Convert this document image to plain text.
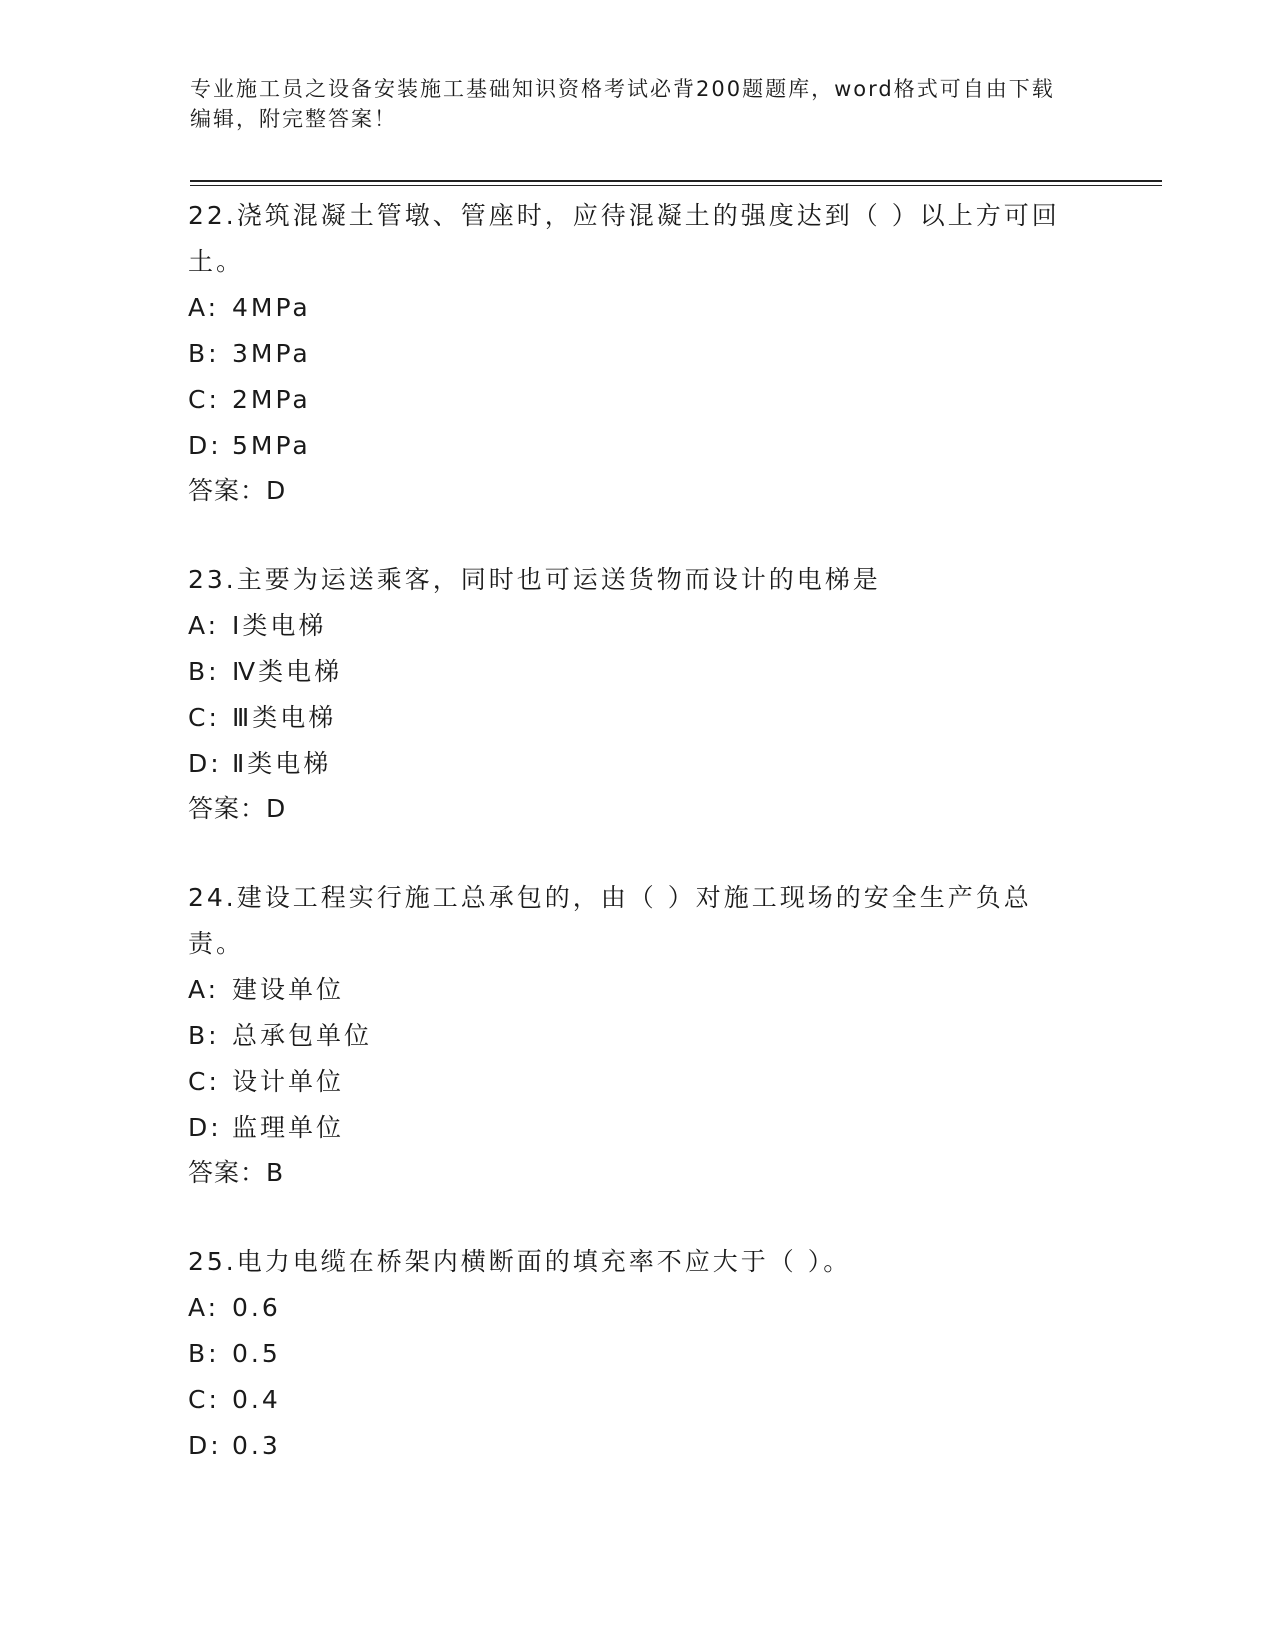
专业施工员之设备安装施工基础知识资格考试必背200题题库，word格式可自由下载编辑，附完整答案！

22.浇筑混凝土管墩、管座时，应待混凝土的强度达到（ ）以上方可回土。

A: 4MPa

B: 3MPa

C: 2MPa

D: 5MPa

答案：D

23.主要为运送乘客，同时也可运送货物而设计的电梯是

A: Ⅰ类电梯

B: Ⅳ类电梯

C: Ⅲ类电梯

D: Ⅱ类电梯

答案：D

24.建设工程实行施工总承包的，由（ ）对施工现场的安全生产负总责。

A: 建设单位

B: 总承包单位

C: 设计单位

D: 监理单位

答案：B

25.电力电缆在桥架内横断面的填充率不应大于（ ）。

A: 0.6

B: 0.5

C: 0.4

D: 0.3
